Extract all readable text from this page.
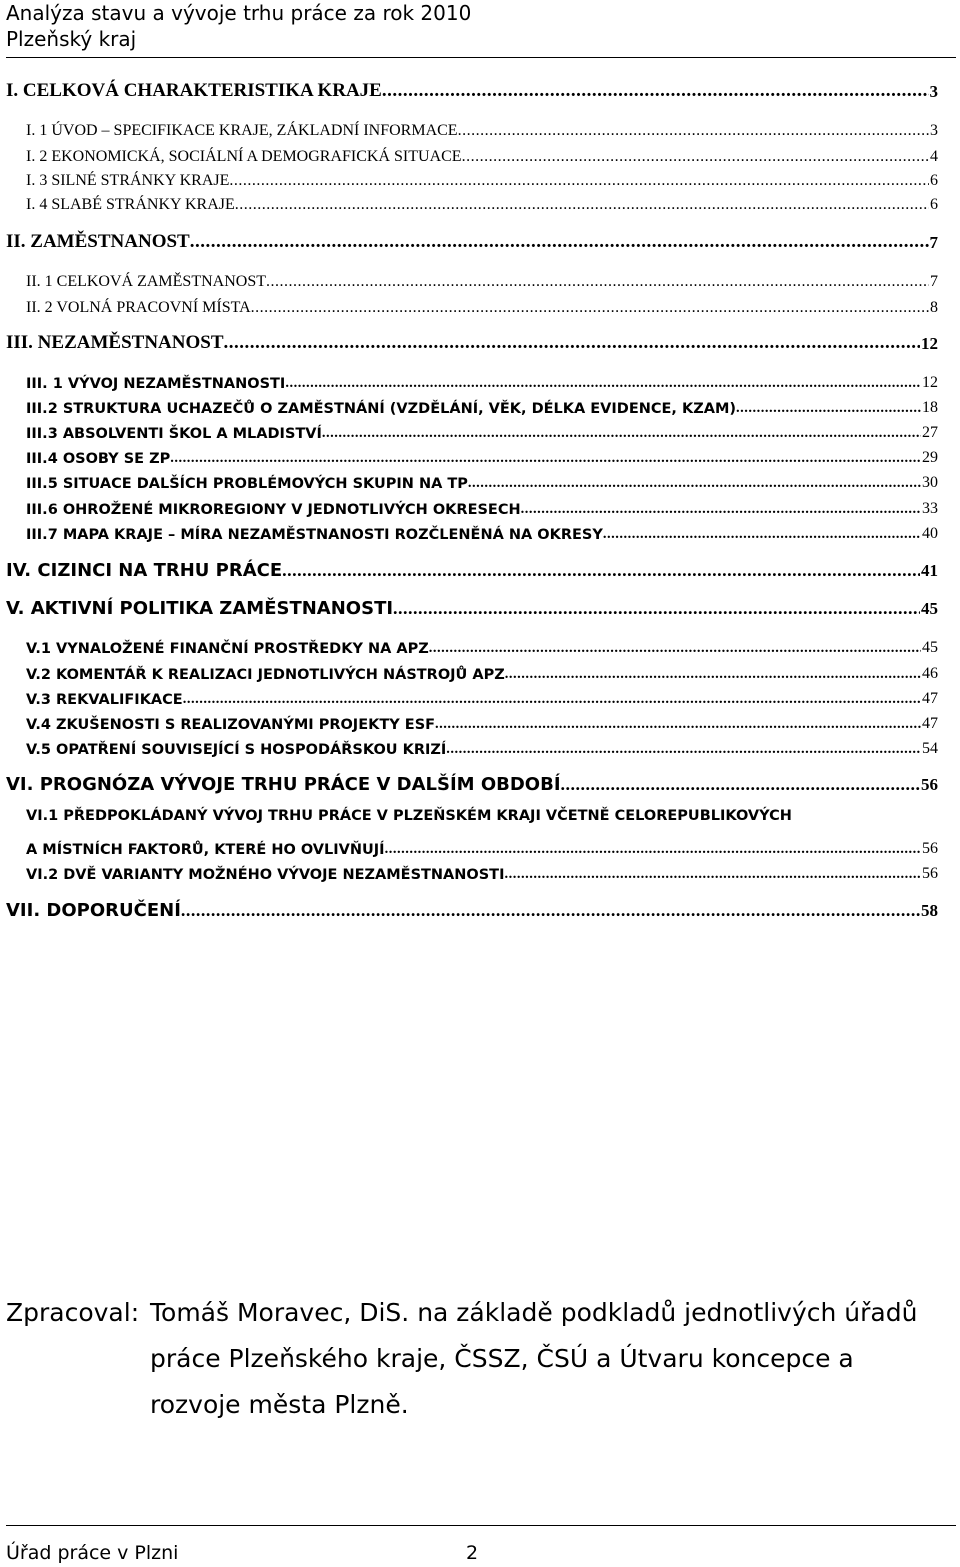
Analýza stavu a vývoje trhu práce za rok 2010
Plzeňský kraj
I. CELKOVÁ CHARAKTERISTIKA KRAJE .....	3
I. 1 ÚVOD – SPECIFIKACE KRAJE, ZÁKLADNÍ INFORMACE .....	3
I. 2 EKONOMICKÁ, SOCIÁLNÍ A DEMOGRAFICKÁ SITUACE .....	4
I. 3 SILNÉ STRÁNKY KRAJE .....	6
I. 4 SLABÉ STRÁNKY KRAJE .....	6
II. ZAMĚSTNANOST .....	7
II. 1 CELKOVÁ ZAMĚSTNANOST .....	7
II. 2 VOLNÁ PRACOVNÍ MÍSTA .....	8
III. NEZAMĚSTNANOST .....	12
III. 1 VÝVOJ NEZAMĚSTNANOSTI .....	12
III.2 STRUKTURA UCHAZEČŮ O ZAMĚSTNÁNÍ (VZDĚLÁNÍ, VĚK, DÉLKA EVIDENCE, KZAM) .....	18
III.3 ABSOLVENTI ŠKOL A MLADISTVÍ .....	27
III.4 OSOBY SE ZP .....	29
III.5 SITUACE DALŠÍCH PROBLÉMOVÝCH SKUPIN NA TP .....	30
III.6 OHROŽENÉ MIKROREGIONY V JEDNOTLIVÝCH OKRESECH .....	33
III.7 MAPA KRAJE – MÍRA NEZAMĚSTNANOSTI ROZČLENĚNÁ NA OKRESY .....	40
IV. CIZINCI NA TRHU PRÁCE .....	41
V. AKTIVNÍ POLITIKA ZAMĚSTNANOSTI .....	45
V.1 VYNALOŽENÉ FINANČNÍ PROSTŘEDKY NA APZ .....	45
V.2 KOMENTÁŘ K REALIZACI JEDNOTLIVÝCH NÁSTROJŮ APZ .....	46
V.3 REKVALIFIKACE .....	47
V.4 ZKUŠENOSTI S REALIZOVANÝMI PROJEKTY ESF .....	47
V.5 OPATŘENÍ SOUVISEJÍCÍ S HOSPODÁŘSKOU KRIZÍ .....	54
VI. PROGNÓZA VÝVOJE TRHU PRÁCE V DALŠÍM OBDOBÍ .....	56
VI.1 PŘEDPOKLÁDANÝ VÝVOJ TRHU PRÁCE V PLZEŇSKÉM KRAJI VČETNĚ CELOREPUBLIKOVÝCH
A MÍSTNÍCH FAKTORŮ, KTERÉ HO OVLIVŇUJÍ .....	56
VI.2 DVĚ VARIANTY MOŽNÉHO VÝVOJE NEZAMĚSTNANOSTI .....	56
VII. DOPORUČENÍ .....	58
Zpracoval: Tomáš Moravec, DiS. na základě podkladů jednotlivých úřadů
práce Plzeňského kraje, ČSSZ, ČSÚ a Útvaru koncepce a
rozvoje města Plzně.
Úřad práce v Plzni	2
